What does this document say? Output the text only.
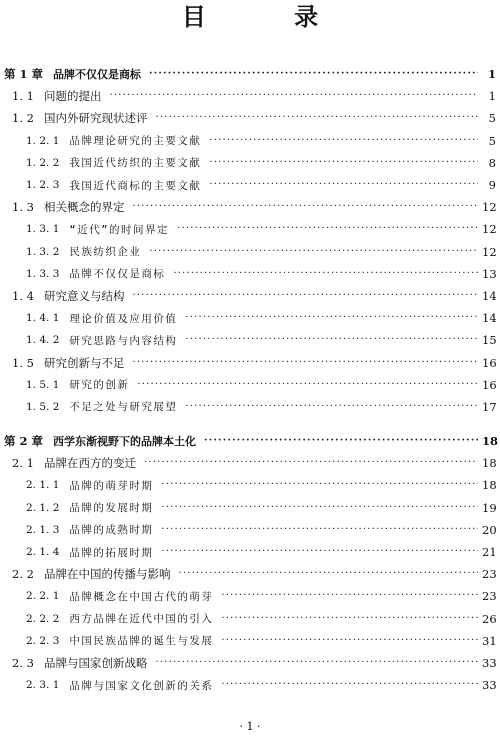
目 录
第 1 章 品牌不仅仅是商标 ·····	1
1. 1 问题的提出 ·····	1
1. 2 国内外研究现状述评 ·····	5
1. 2. 1 品牌理论研究的主要文献 ·····	5
1. 2. 2 我国近代纺织的主要文献 ·····	8
1. 2. 3 我国近代商标的主要文献 ·····	9
1. 3 相关概念的界定 ·····	12
1. 3. 1 “近代”的时间界定 ·····	12
1. 3. 2 民族纺织企业 ·····	12
1. 3. 3 品牌不仅仅是商标 ·····	13
1. 4 研究意义与结构 ·····	14
1. 4. 1 理论价值及应用价值 ·····	14
1. 4. 2 研究思路与内容结构 ·····	15
1. 5 研究创新与不足 ·····	16
1. 5. 1 研究的创新 ·····	16
1. 5. 2 不足之处与研究展望 ·····	17
第 2 章 西学东渐视野下的品牌本土化 ·····	18
2. 1 品牌在西方的变迁 ·····	18
2. 1. 1 品牌的萌芽时期 ·····	18
2. 1. 2 品牌的发展时期 ·····	19
2. 1. 3 品牌的成熟时期 ·····	20
2. 1. 4 品牌的拓展时期 ·····	21
2. 2 品牌在中国的传播与影响 ·····	23
2. 2. 1 品牌概念在中国古代的萌芽 ·····	23
2. 2. 2 西方品牌在近代中国的引入 ·····	26
2. 2. 3 中国民族品牌的诞生与发展 ·····	31
2. 3 品牌与国家创新战略 ·····	33
2. 3. 1 品牌与国家文化创新的关系 ·····	33
· 1 ·
